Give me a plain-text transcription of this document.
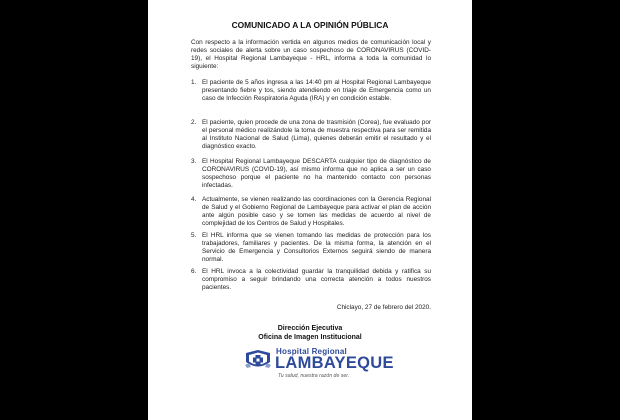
COMUNICADO A LA OPINIÓN PÚBLICA
Con respecto a la información vertida en algunos medios de comunicación local y redes sociales de alerta sobre un caso sospechoso de CORONAVIRUS (COVID-19), el Hospital Regional Lambayeque - HRL, informa a toda la comunidad lo siguiente:
1. El paciente de 5 años ingresa a las 14:40 pm al Hospital Regional Lambayeque presentando fiebre y tos, siendo atendiendo en triaje de Emergencia como un caso de Infección Respiratoria Aguda (IRA) y en condición estable.
2. El paciente, quien procede de una zona de trasmisión (Corea), fue evaluado por el personal médico realizándole la toma de muestra respectiva para ser remitida al Instituto Nacional de Salud (Lima), quienes deberán emitir el resultado y el diagnóstico exacto.
3. El Hospital Regional Lambayeque DESCARTA cualquier tipo de diagnóstico de CORONAVIRUS (COVID-19), así mismo informa que no aplica a ser un caso sospechoso porque el paciente no ha mantenido contacto con personas infectadas.
4. Actualmente, se vienen realizando las coordinaciones con la Gerencia Regional de Salud y el Gobierno Regional de Lambayeque para activar el plan de acción ante algún posible caso y se tomen las medidas de acuerdo al nivel de complejidad de los Centros de Salud y Hospitales.
5. El HRL informa que se vienen tomando las medidas de protección para los trabajadores, familiares y pacientes. De la misma forma, la atención en el Servicio de Emergencia y Consultorios Externos seguirá siendo de manera normal.
6. El HRL invoca a la colectividad guardar la tranquilidad debida y ratifica su compromiso a seguir brindando una correcta atención a todos nuestros pacientes.
Chiclayo, 27 de febrero del 2020.
Dirección Ejecutiva
Oficina de Imagen Institucional
Hospital Regional
LAMBAYEQUE
Tu salud, nuestra razón de ser.
